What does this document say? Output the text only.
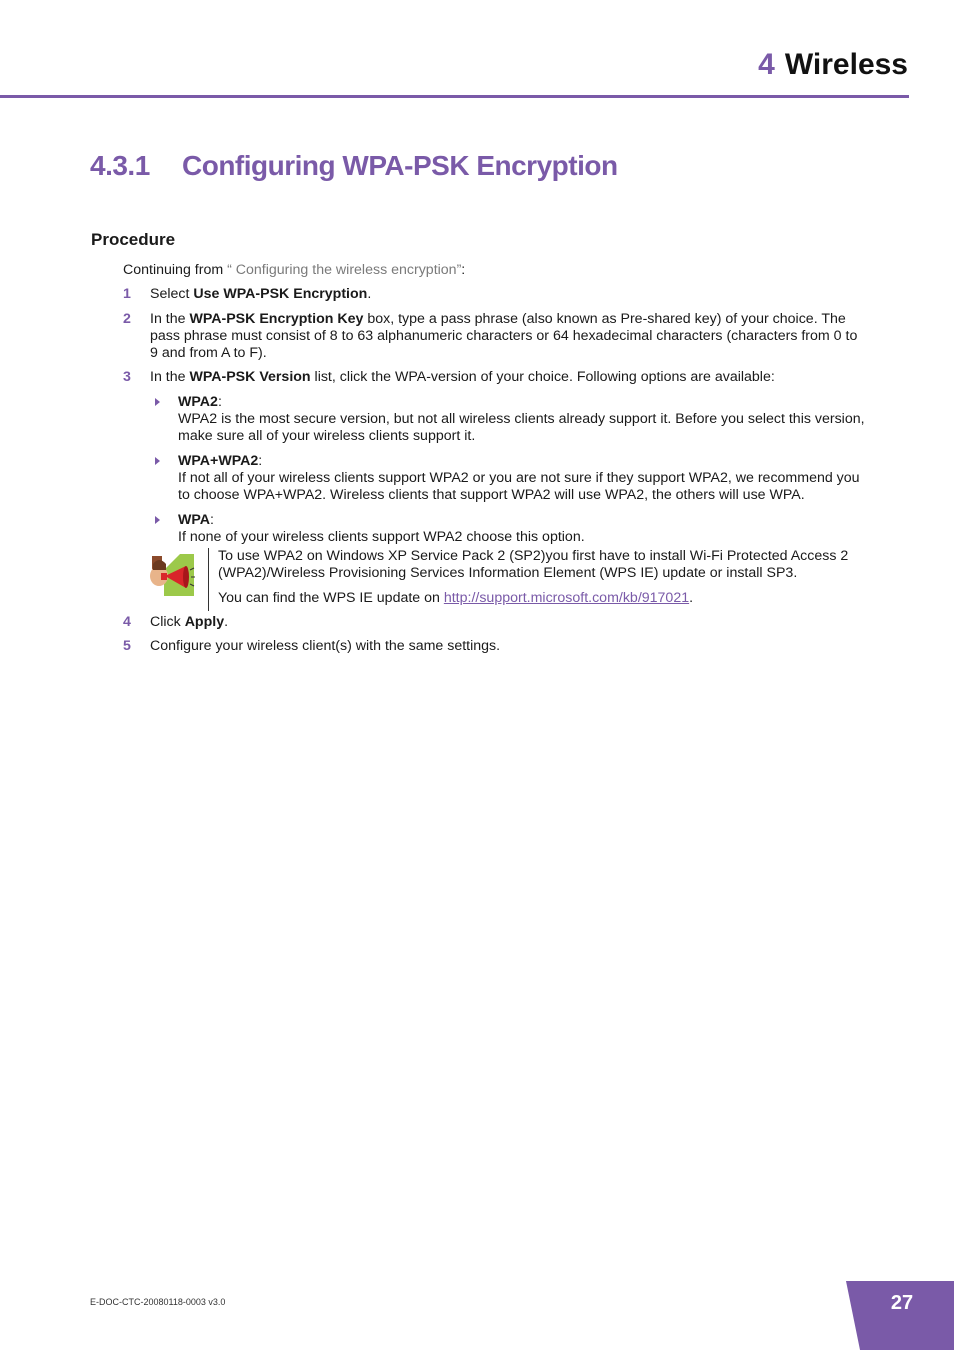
4 Wireless
4.3.1 Configuring WPA-PSK Encryption
Procedure

Continuing from “ Configuring the wireless encryption”:

1 Select Use WPA-PSK Encryption.
2 In the WPA-PSK Encryption Key box, type a pass phrase (also known as Pre-shared key) of your choice. The pass phrase must consist of 8 to 63 alphanumeric characters or 64 hexadecimal characters (characters from 0 to 9 and from A to F).
3 In the WPA-PSK Version list, click the WPA-version of your choice. Following options are available:

WPA2:

WPA2 is the most secure version, but not all wireless clients already support it. Before you select this version, make sure all of your wireless clients support it.

WPA+WPA2:

If not all of your wireless clients support WPA2 or you are not sure if they support WPA2, we recommend you to choose WPA+WPA2. Wireless clients that support WPA2 will use WPA2, the others will use WPA.

WPA:

If none of your wireless clients support WPA2 choose this option.

To use WPA2 on Windows XP Service Pack 2 (SP2)you first have to install Wi-Fi Protected Access 2 (WPA2)/Wireless Provisioning Services Information Element (WPS IE) update or install SP3.

You can find the WPS IE update on http://support.microsoft.com/kb/917021.

4 Click Apply.
5 Configure your wireless client(s) with the same settings.
E-DOC-CTC-20080118-0003 v3.0	27
